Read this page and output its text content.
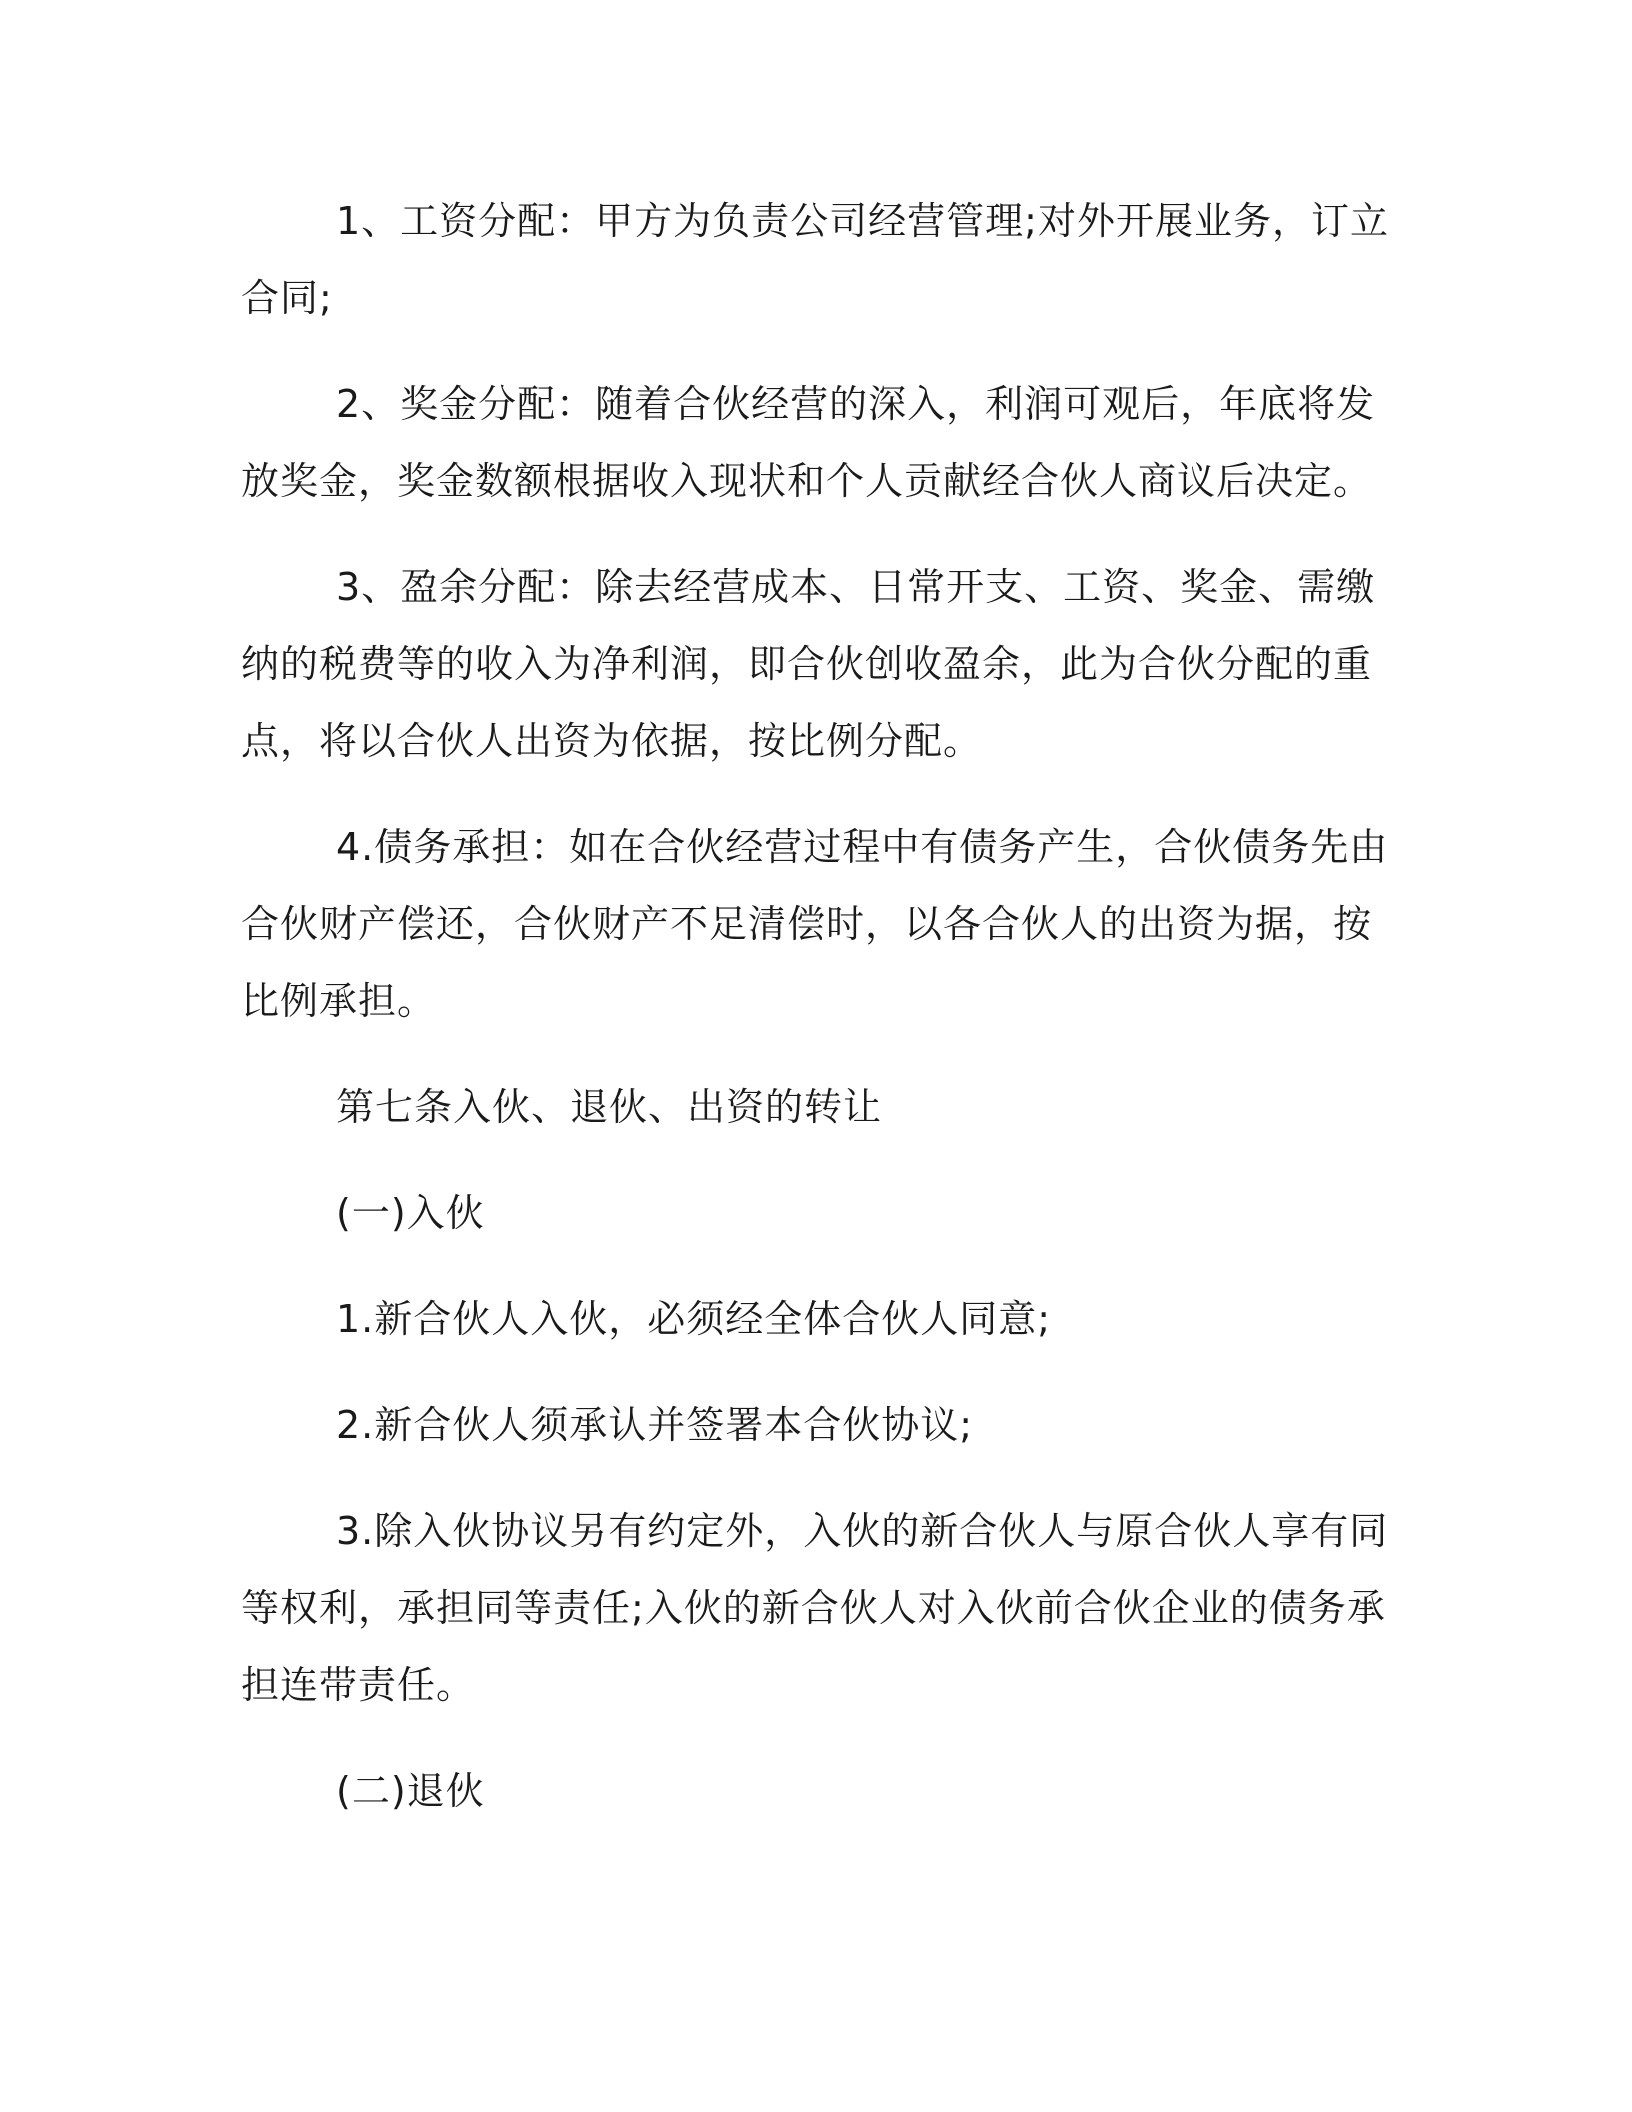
1、工资分配：甲方为负责公司经营管理;对外开展业务，订立合同;

2、奖金分配：随着合伙经营的深入，利润可观后，年底将发放奖金，奖金数额根据收入现状和个人贡献经合伙人商议后决定。

3、盈余分配：除去经营成本、日常开支、工资、奖金、需缴纳的税费等的收入为净利润，即合伙创收盈余，此为合伙分配的重点，将以合伙人出资为依据，按比例分配。

4.债务承担：如在合伙经营过程中有债务产生，合伙债务先由合伙财产偿还，合伙财产不足清偿时，以各合伙人的出资为据，按比例承担。

第七条入伙、退伙、出资的转让

(一)入伙

1.新合伙人入伙，必须经全体合伙人同意;

2.新合伙人须承认并签署本合伙协议;

3.除入伙协议另有约定外，入伙的新合伙人与原合伙人享有同等权利，承担同等责任;入伙的新合伙人对入伙前合伙企业的债务承担连带责任。

(二)退伙
